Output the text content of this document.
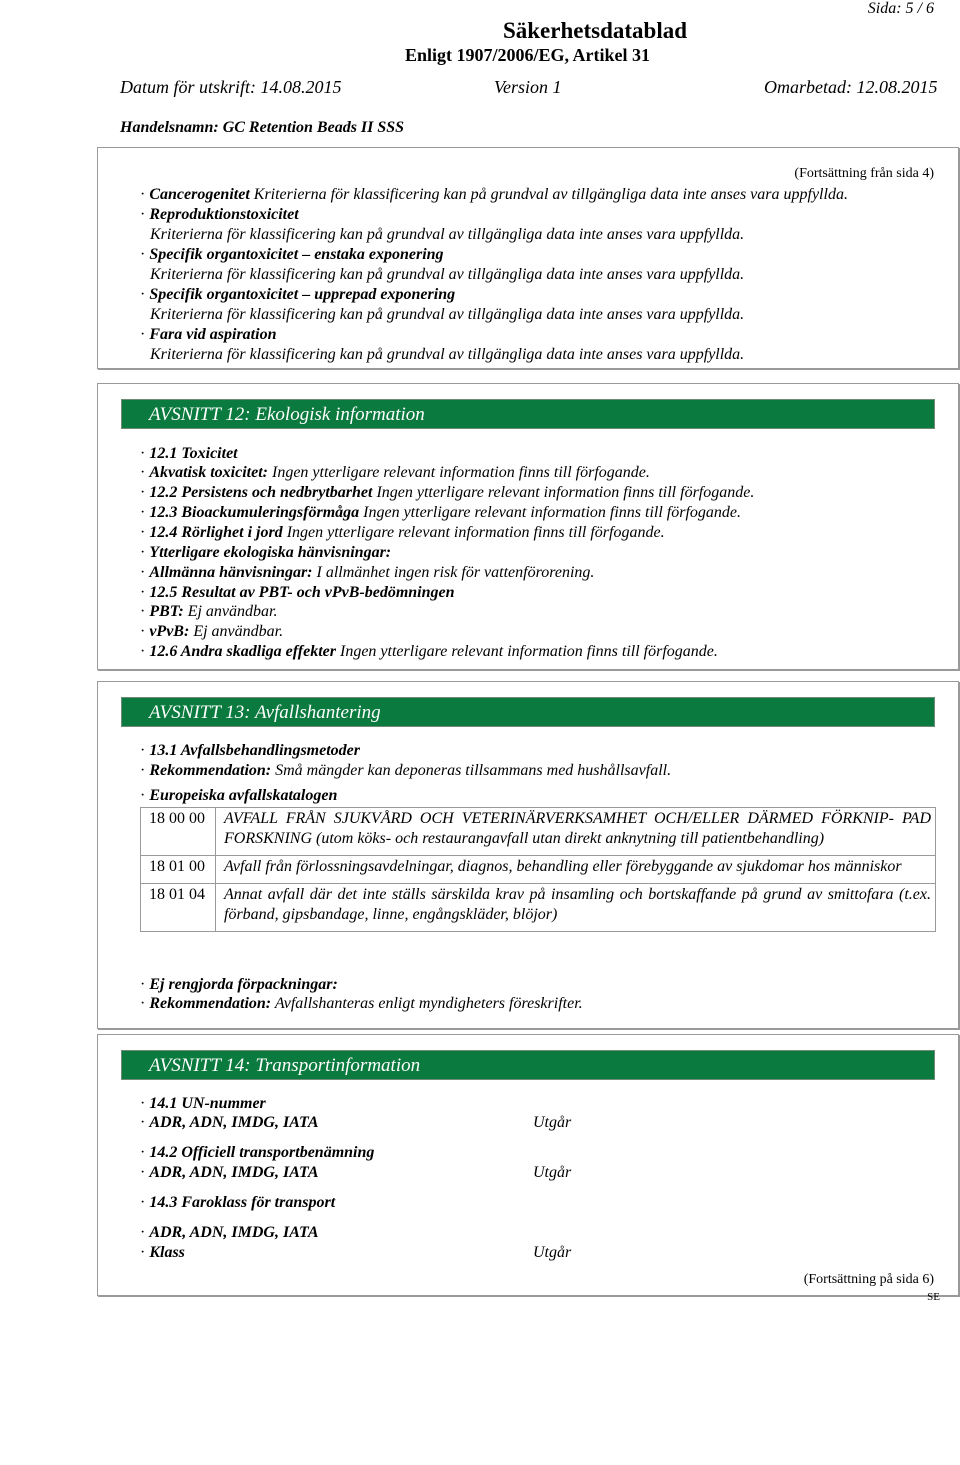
Sida: 5 / 6
Säkerhetsdatablad
Enligt 1907/2006/EG, Artikel 31
Datum för utskrift: 14.08.2015	Version 1	Omarbetad: 12.08.2015
Handelsnamn: GC Retention Beads II SSS
(Fortsättning från sida 4)
· Cancerogenitet Kriterierna för klassificering kan på grundval av tillgängliga data inte anses vara uppfyllda.
· Reproduktionstoxicitet
Kriterierna för klassificering kan på grundval av tillgängliga data inte anses vara uppfyllda.
· Specifik organtoxicitet – enstaka exponering
Kriterierna för klassificering kan på grundval av tillgängliga data inte anses vara uppfyllda.
· Specifik organtoxicitet – upprepad exponering
Kriterierna för klassificering kan på grundval av tillgängliga data inte anses vara uppfyllda.
· Fara vid aspiration
Kriterierna för klassificering kan på grundval av tillgängliga data inte anses vara uppfyllda.
AVSNITT 12: Ekologisk information
· 12.1 Toxicitet
· Akvatisk toxicitet: Ingen ytterligare relevant information finns till förfogande.
· 12.2 Persistens och nedbrytbarhet Ingen ytterligare relevant information finns till förfogande.
· 12.3 Bioackumuleringsförmåga Ingen ytterligare relevant information finns till förfogande.
· 12.4 Rörlighet i jord Ingen ytterligare relevant information finns till förfogande.
· Ytterligare ekologiska hänvisningar:
· Allmänna hänvisningar: I allmänhet ingen risk för vattenförorening.
· 12.5 Resultat av PBT- och vPvB-bedömningen
· PBT: Ej användbar.
· vPvB: Ej användbar.
· 12.6 Andra skadliga effekter Ingen ytterligare relevant information finns till förfogande.
AVSNITT 13: Avfallshantering
· 13.1 Avfallsbehandlingsmetoder
· Rekommendation: Små mängder kan deponeras tillsammans med hushållsavfall.
· Europeiska avfallskatalogen
18 00 00	AVFALL FRÅN SJUKVÅRD OCH VETERINÄRVERKSAMHET OCH/ELLER DÄRMED FÖRKNIP- PAD FORSKNING (utom köks- och restaurangavfall utan direkt anknytning till patientbehandling)
18 01 00	Avfall från förlossningsavdelningar, diagnos, behandling eller förebyggande av sjukdomar hos människor
18 01 04	Annat avfall där det inte ställs särskilda krav på insamling och bortskaffande på grund av smittofara (t.ex. förband, gipsbandage, linne, engångskläder, blöjor)
· Ej rengjorda förpackningar:
· Rekommendation: Avfallshanteras enligt myndigheters föreskrifter.
AVSNITT 14: Transportinformation
· 14.1 UN-nummer
· ADR, ADN, IMDG, IATA	Utgår
· 14.2 Officiell transportbenämning
· ADR, ADN, IMDG, IATA	Utgår
· 14.3 Faroklass för transport
· ADR, ADN, IMDG, IATA
· Klass	Utgår
(Fortsättning på sida 6)
SE
